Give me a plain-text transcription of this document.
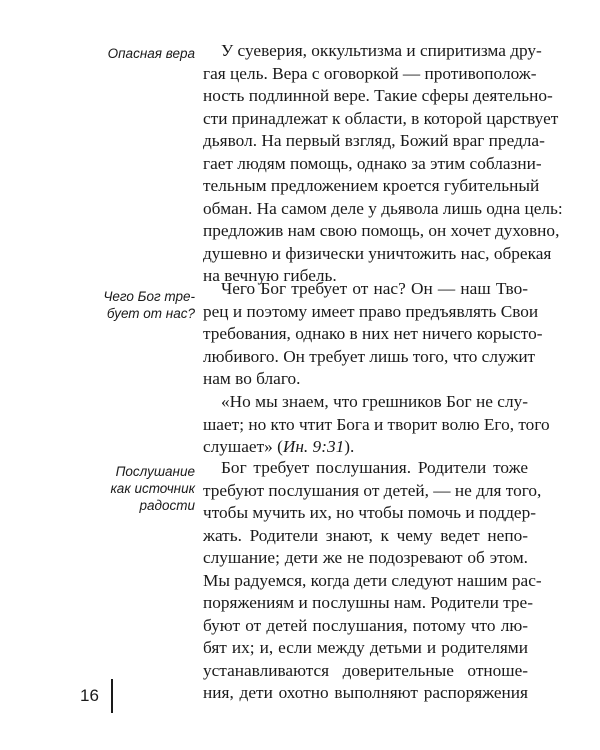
Опасная вера	У суеверия, оккультизма и спиритизма дру-
гая цель. Вера с оговоркой — противополож-
ность подлинной вере. Такие сферы деятельно-
сти принадлежат к области, в которой царствует
дьявол. На первый взгляд, Божий враг предла-
гает людям помощь, однако за этим соблазни-
тельным предложением кроется губительный
обман. На самом деле у дьявола лишь одна цель:
предложив нам свою помощь, он хочет духовно,
душевно и физически уничтожить нас, обрекая
на вечную гибель.

Чего Бог тре-
бует от нас?

Чего Бог требует от нас? Он — наш Тво-
рец и поэтому имеет право предъявлять Свои
требования, однако в них нет ничего корысто-
любивого. Он требует лишь того, что служит
нам во благо.
«Но мы знаем, что грешников Бог не слу-
шает; но кто чтит Бога и творит волю Его, того
слушает» (Ин. 9:31).

Послушание
как источник
радости

Бог требует послушания. Родители тоже
требуют послушания от детей, — не для того,
чтобы мучить их, но чтобы помочь и поддер-
жать. Родители знают, к чему ведет непо-
слушание; дети же не подозревают об этом.
Мы радуемся, когда дети следуют нашим рас-
поряжениям и послушны нам. Родители тре-
буют от детей послушания, потому что лю-
бят их; и, если между детьми и родителями
устанавливаются доверительные отноше-
ния, дети охотно выполняют распоряжения
16
